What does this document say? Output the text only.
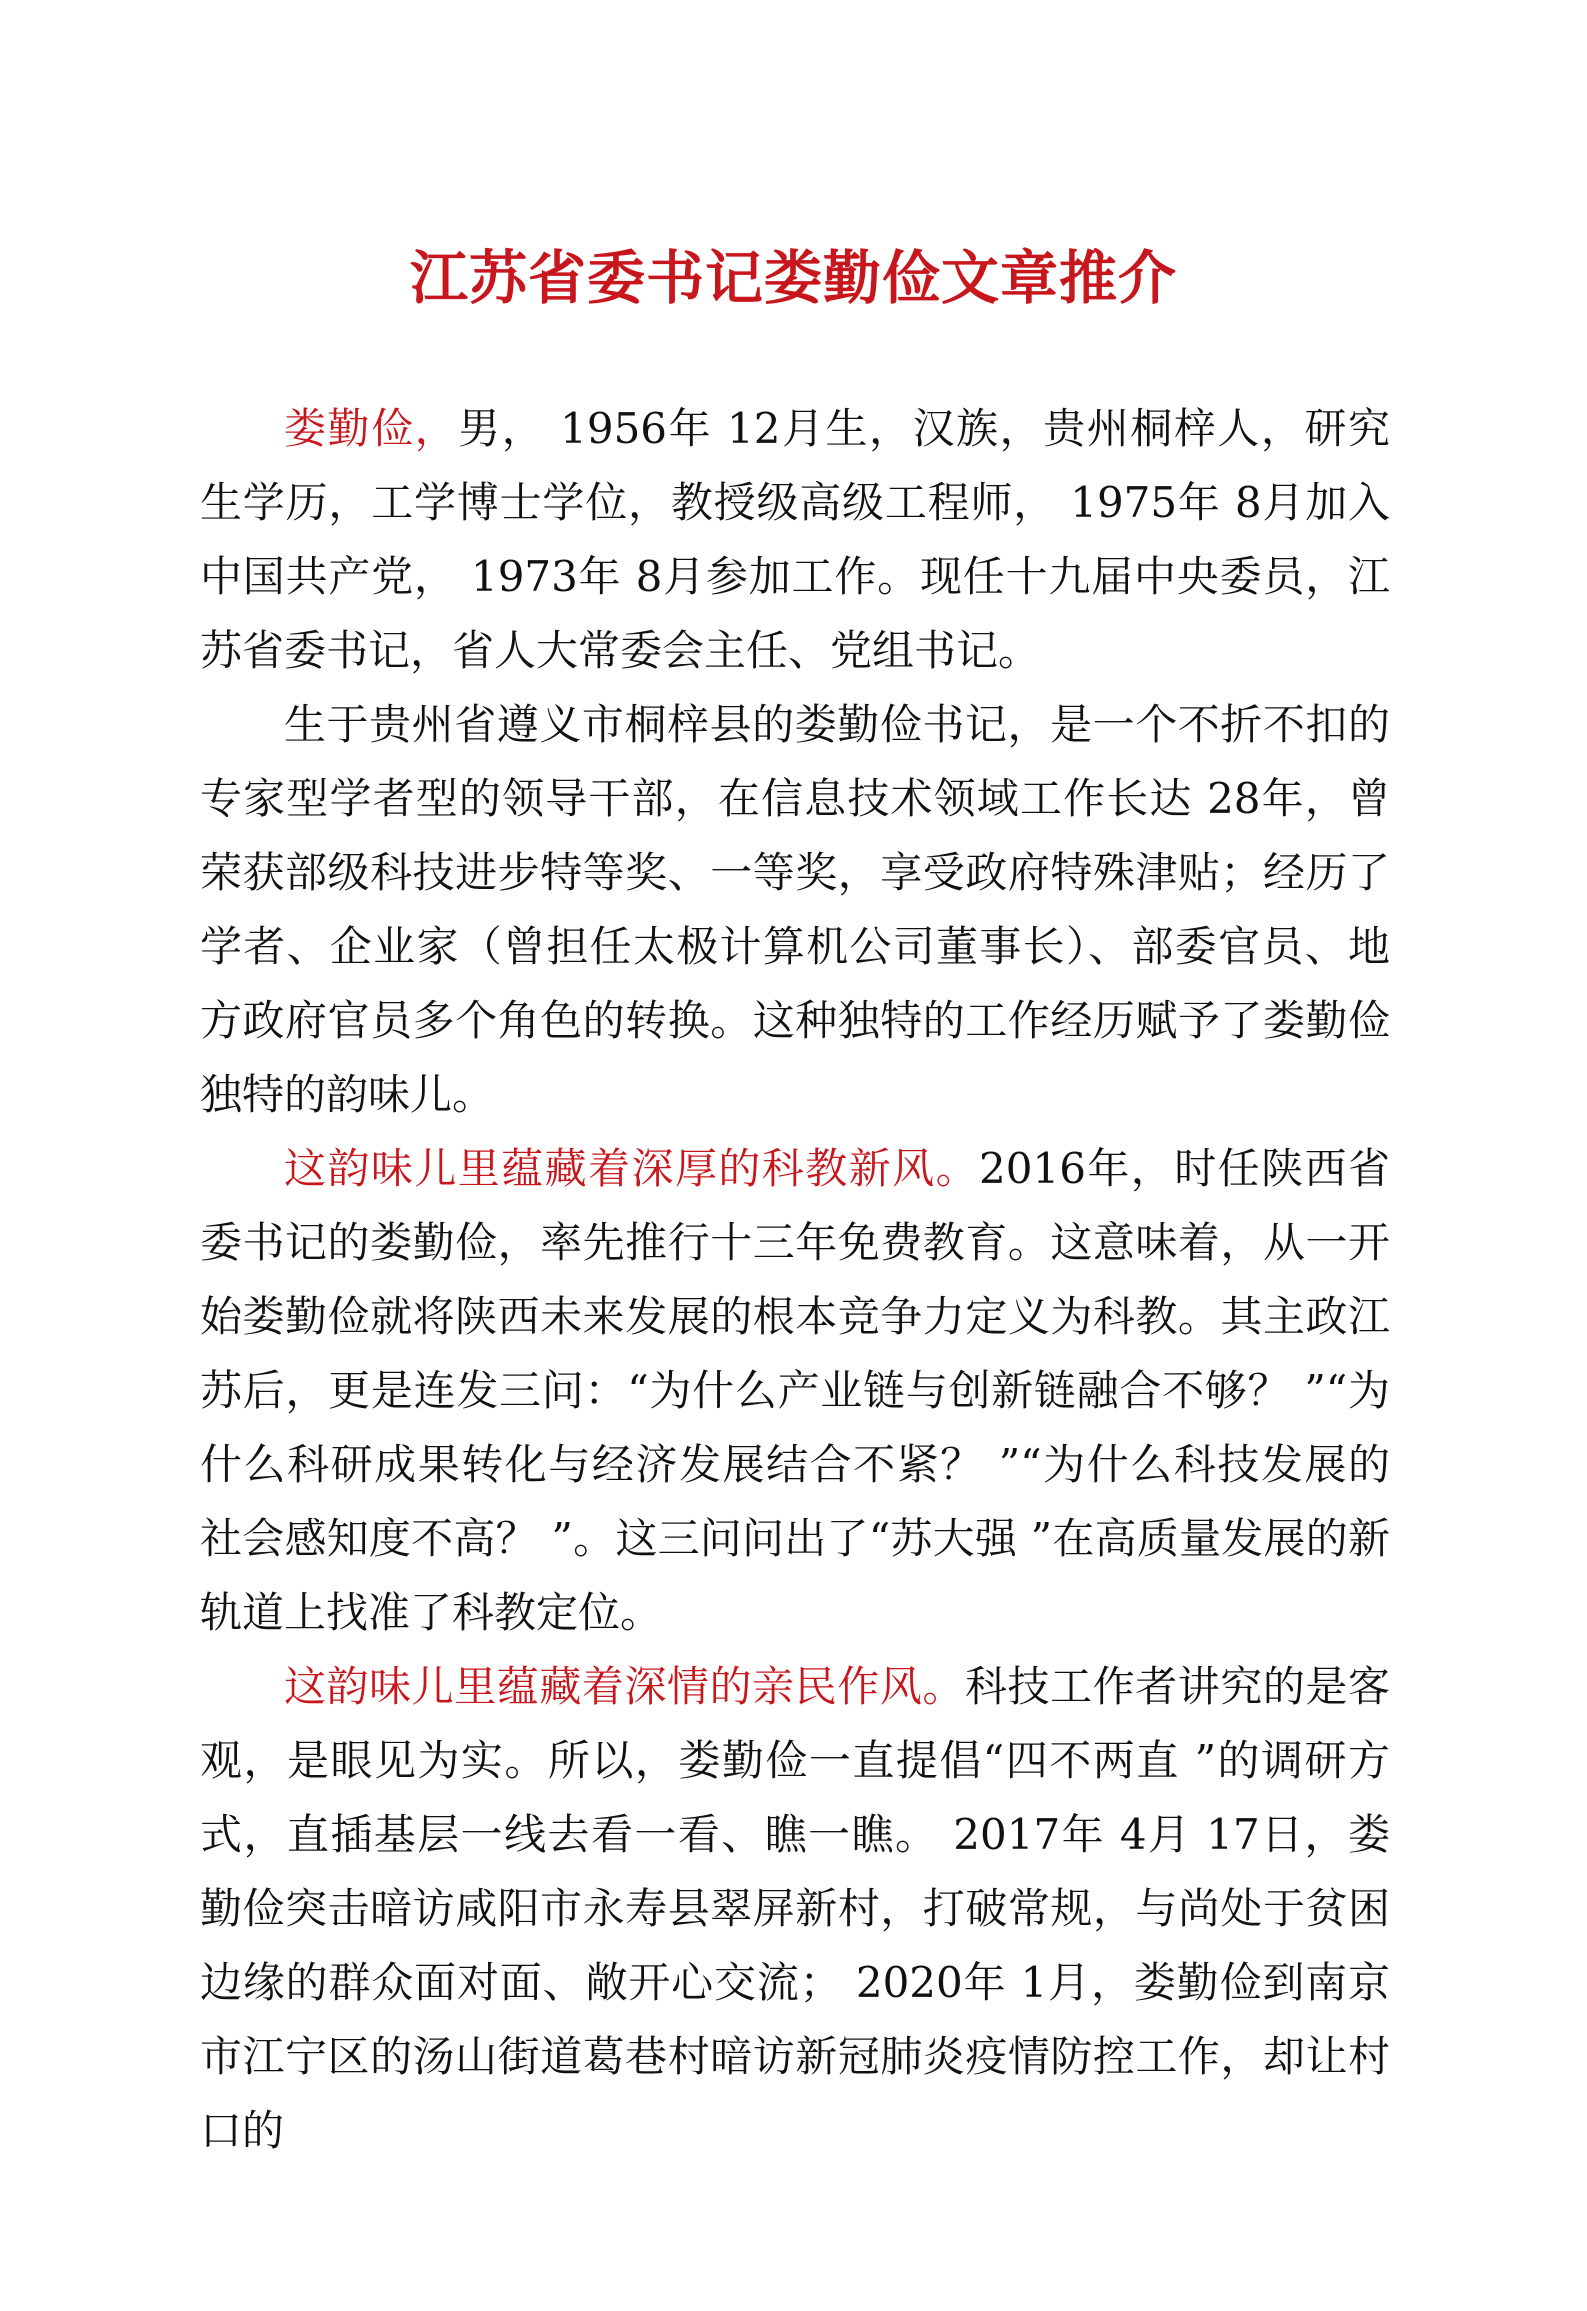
江苏省委书记娄勤俭文章推介

娄勤俭，男， 1956年 12月生，汉族，贵州桐梓人，研究生学历，工学博士学位，教授级高级工程师， 1975年 8月加入中国共产党， 1973年 8月参加工作。现任十九届中央委员，江苏省委书记，省人大常委会主任、党组书记。

生于贵州省遵义市桐梓县的娄勤俭书记，是一个不折不扣的专家型学者型的领导干部，在信息技术领域工作长达 28年，曾荣获部级科技进步特等奖、一等奖，享受政府特殊津贴；经历了学者、企业家（曾担任太极计算机公司董事长）、部委官员、地方政府官员多个角色的转换。这种独特的工作经历赋予了娄勤俭独特的韵味儿。

这韵味儿里蕴藏着深厚的科教新风。2016年，时任陕西省委书记的娄勤俭，率先推行十三年免费教育。这意味着，从一开始娄勤俭就将陕西未来发展的根本竞争力定义为科教。其主政江苏后，更是连发三问：“为什么产业链与创新链融合不够？ ”“为什么科研成果转化与经济发展结合不紧？ ”“为什么科技发展的社会感知度不高？ ”。这三问问出了“苏大强 ”在高质量发展的新轨道上找准了科教定位。

这韵味儿里蕴藏着深情的亲民作风。科技工作者讲究的是客观，是眼见为实。所以，娄勤俭一直提倡“四不两直 ”的调研方式，直插基层一线去看一看、瞧一瞧。 2017年 4月 17日，娄勤俭突击暗访咸阳市永寿县翠屏新村，打破常规，与尚处于贫困边缘的群众面对面、敞开心交流； 2020年 1月，娄勤俭到南京市江宁区的汤山街道葛巷村暗访新冠肺炎疫情防控工作，却让村口的
